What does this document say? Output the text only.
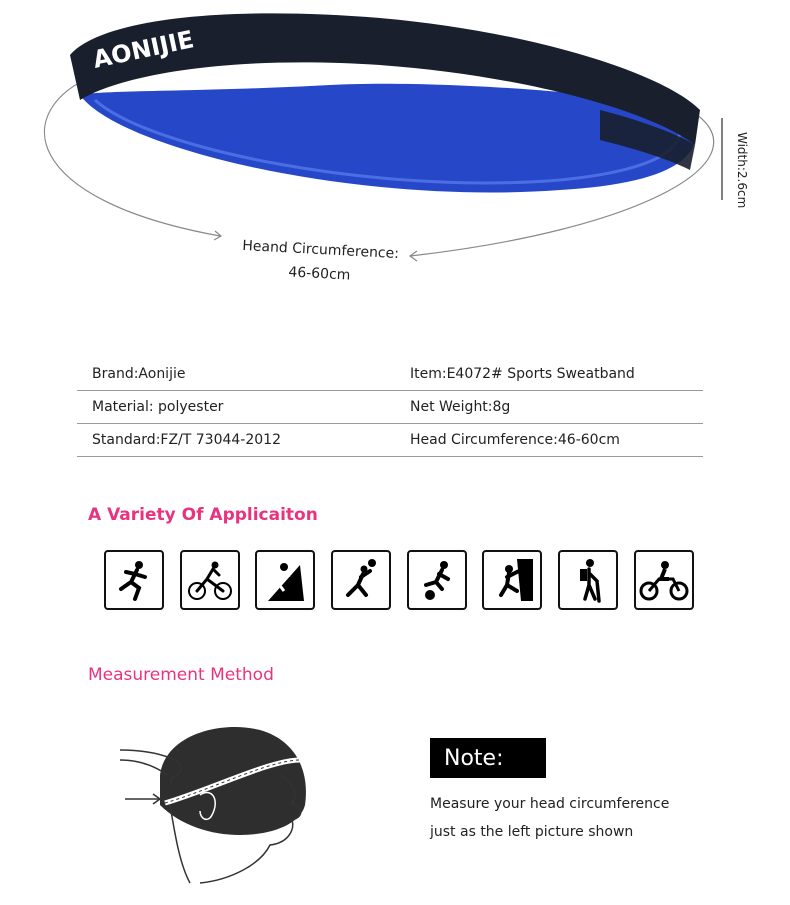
AONIJIE
Heand Circumference:
46-60cm
Width:2.6cm
Brand:Aonijie	Item:E4072# Sports Sweatband
Material: polyester	Net Weight:8g
Standard:FZ/T 73044-2012	Head Circumference:46-60cm
A Variety Of Applicaiton
Measurement Method
Note:
Measure your head circumference
just as the left picture shown
